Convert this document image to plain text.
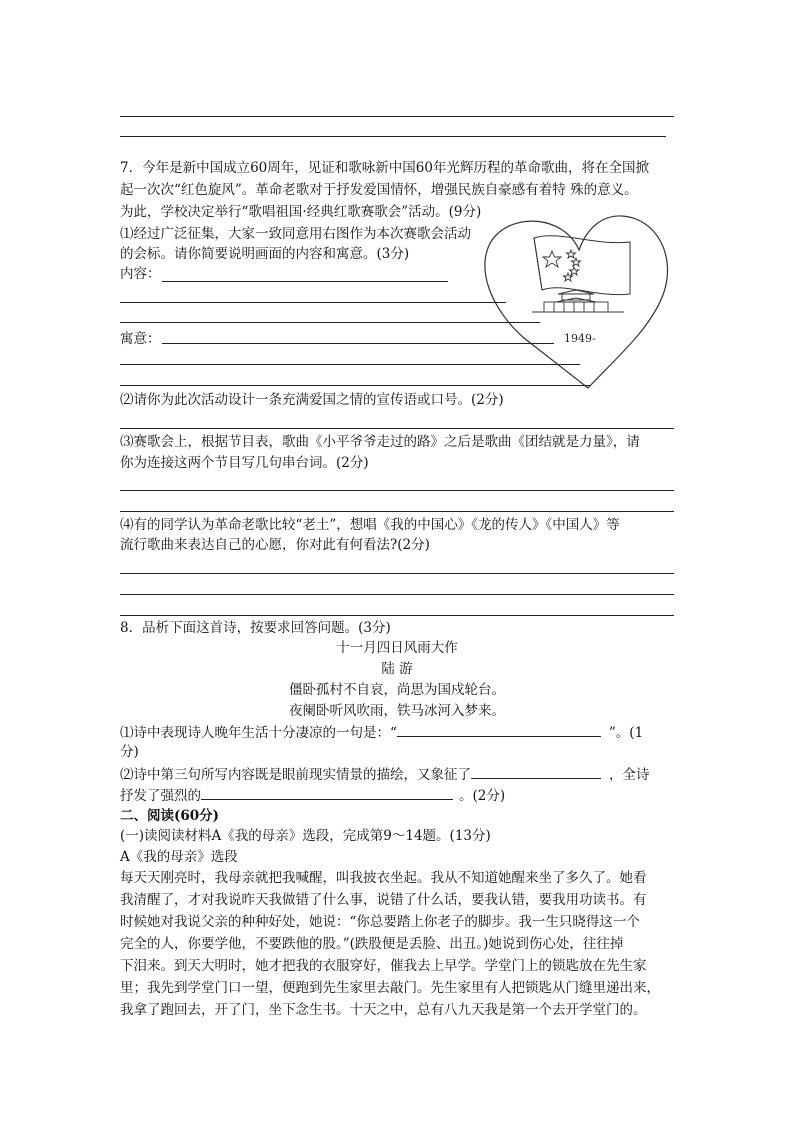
7．今年是新中国成立60周年，见证和歌咏新中国60年光辉历程的革命歌曲，将在全国掀
起一次次“红色旋风”。革命老歌对于抒发爱国情怀，增强民族自豪感有着特 殊的意义。
为此，学校决定举行“歌唱祖国·经典红歌赛歌会”活动。(9分)
⑴经过广泛征集，大家一致同意用右图作为本次赛歌会活动
的会标。请你简要说明画面的内容和寓意。(3分)
内容：
寓意：	1949-
⑵请你为此次活动设计一条充满爱国之情的宣传语或口号。(2分)
⑶赛歌会上，根据节目表，歌曲《小平爷爷走过的路》之后是歌曲《团结就是力量》，请
你为连接这两个节目写几句串台词。(2分)
⑷有的同学认为革命老歌比较“老土”，想唱《我的中国心》《龙的传人》《中国人》等
流行歌曲来表达自己的心愿，你对此有何看法?(2分)
8．品析下面这首诗，按要求回答问题。(3分)
十一月四日风雨大作
陆 游
僵卧孤村不自哀，尚思为国戍轮台。
夜阑卧听风吹雨，铁马冰河入梦来。
⑴诗中表现诗人晚年生活十分凄凉的一句是：“	”。(1
分)
⑵诗中第三句所写内容既是眼前现实情景的描绘，又象征了	，全诗
抒发了强烈的	。(2分)
二、阅读(60分)
(一)读阅读材料A《我的母亲》选段，完成第9～14题。(13分)
A《我的母亲》选段
每天天刚亮时，我母亲就把我喊醒，叫我披衣坐起。我从不知道她醒来坐了多久了。她看
我清醒了，才对我说昨天我做错了什么事，说错了什么话，要我认错，要我用功读书。有
时候她对我说父亲的种种好处，她说：“你总要踏上你老子的脚步。我一生只晓得这一个
完全的人，你要学他，不要跌他的股。”(跌股便是丢脸、出丑。)她说到伤心处，往往掉
下泪来。到天大明时，她才把我的衣服穿好，催我去上早学。学堂门上的锁匙放在先生家
里；我先到学堂门口一望，便跑到先生家里去敲门。先生家里有人把锁匙从门缝里递出来，
我拿了跑回去，开了门，坐下念生书。十天之中，总有八九天我是第一个去开学堂门的。
